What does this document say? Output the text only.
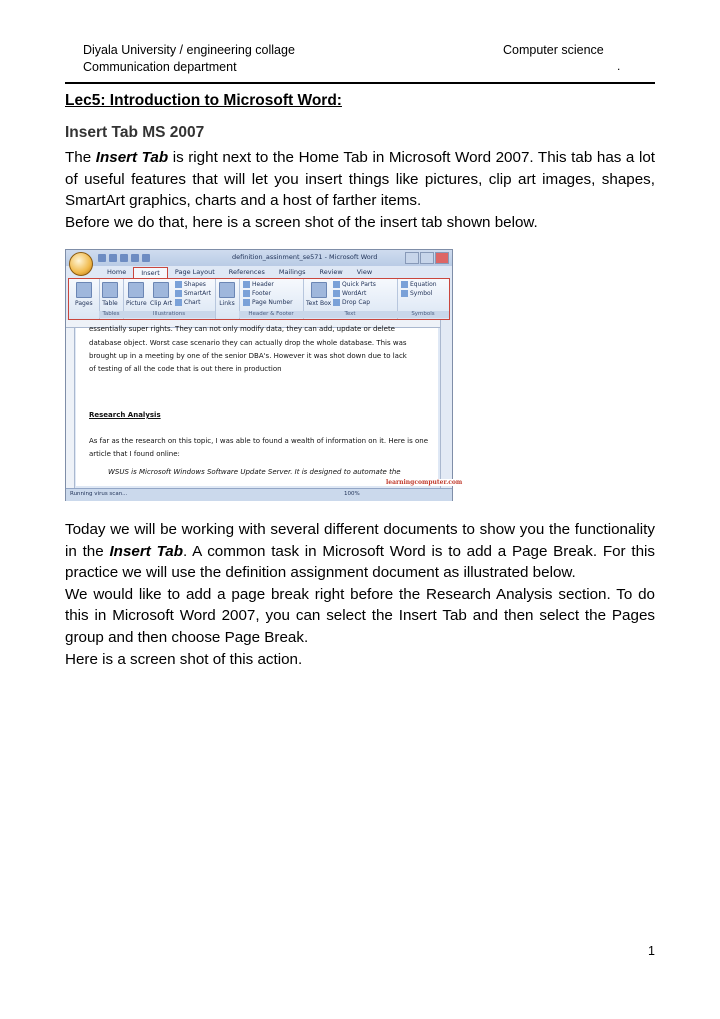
Diyala University / engineering collage
Communication department
Computer science
.
Lec5: Introduction to Microsoft Word:
Insert Tab MS 2007
The Insert Tab is right next to the Home Tab in Microsoft Word 2007. This tab has a lot of useful features that will let you insert things like pictures, clip art images, shapes, SmartArt graphics, charts and a host of farther items.
Before we do that, here is a screen shot of the insert tab shown below.
definition_assinment_se571 - Microsoft Word
Home	Insert	Page Layout	References	Mailings	Review	View
Pages Table
Tables
Picture Clip Art
Shapes
SmartArt
Chart
Illustrations
Links
Header
Footer
Page Number
Header & Footer
Text Box
Quick Parts
WordArt
Drop Cap
Text
Equation
Symbol
Symbols
essentially super rights. They can not only modify data, they can add, update or delete
database object. Worst case scenario they can actually drop the whole database. This was
brought up in a meeting by one of the senior DBA's. However it was shot down due to lack
of testing of all the code that is out there in production
Research Analysis
As far as the research on this topic, I was able to found a wealth of information on it. Here is one
article that I found online:
WSUS is Microsoft Windows Software Update Server. It is designed to automate the
learningcomputer.com
Running virus scan...	100%
Today we will be working with several different documents to show you the functionality in the Insert Tab. A common task in Microsoft Word is to add a Page Break. For this practice we will use the definition assignment document as illustrated below.
We would like to add a page break right before the Research Analysis section. To do this in Microsoft Word 2007, you can select the Insert Tab and then select the Pages group and then choose Page Break.
Here is a screen shot of this action.
1
